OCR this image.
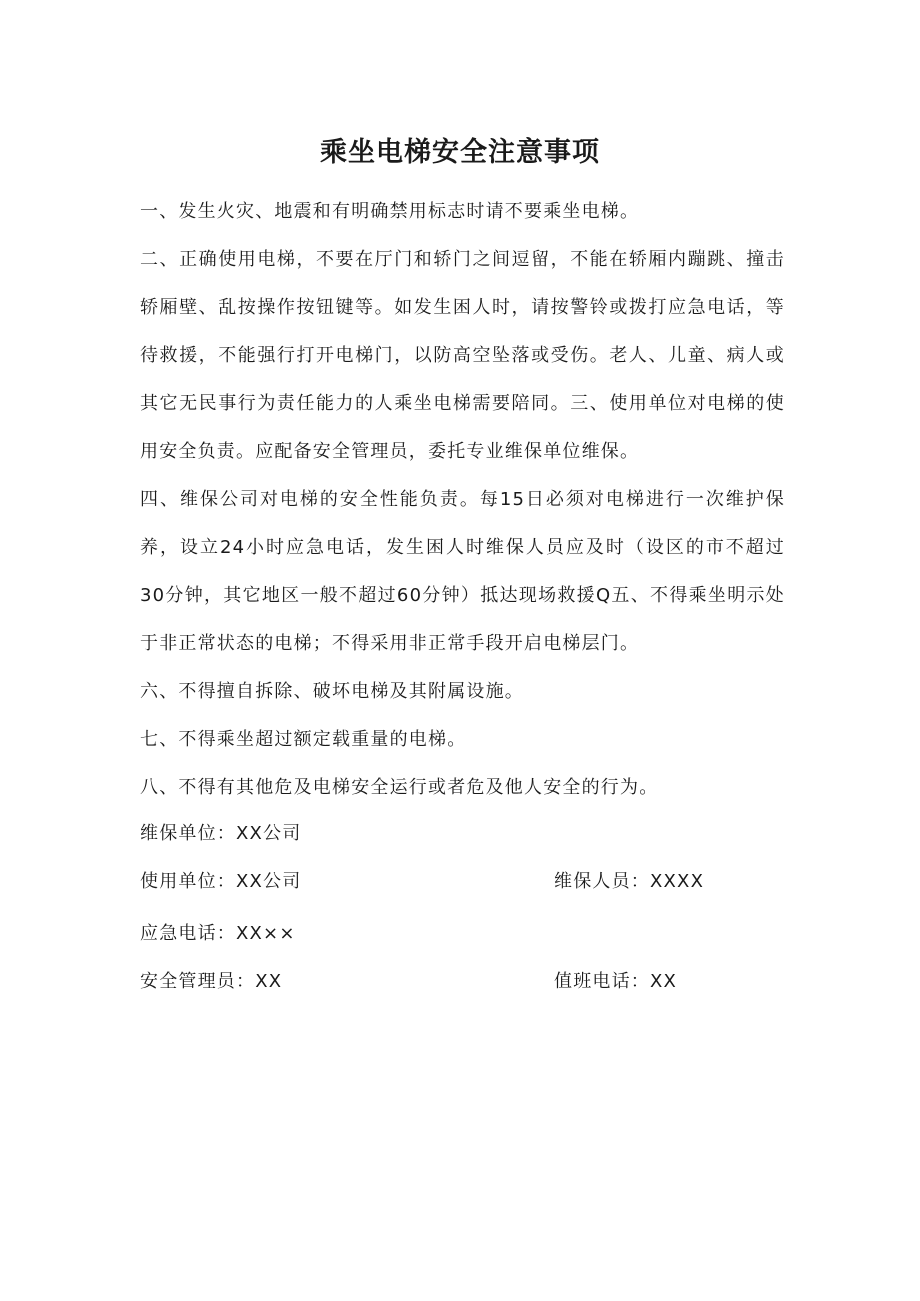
乘坐电梯安全注意事项

一、发生火灾、地震和有明确禁用标志时请不要乘坐电梯。

二、正确使用电梯，不要在厅门和轿门之间逗留，不能在轿厢内蹦跳、撞击轿厢壁、乱按操作按钮键等。如发生困人时，请按警铃或拨打应急电话，等待救援，不能强行打开电梯门，以防高空坠落或受伤。老人、儿童、病人或其它无民事行为责任能力的人乘坐电梯需要陪同。三、使用单位对电梯的使用安全负责。应配备安全管理员，委托专业维保单位维保。

四、维保公司对电梯的安全性能负责。每15日必须对电梯进行一次维护保养，设立24小时应急电话，发生困人时维保人员应及时（设区的市不超过30分钟，其它地区一般不超过60分钟）抵达现场救援Q五、不得乘坐明示处于非正常状态的电梯；不得采用非正常手段开启电梯层门。

六、不得擅自拆除、破坏电梯及其附属设施。

七、不得乘坐超过额定载重量的电梯。

八、不得有其他危及电梯安全运行或者危及他人安全的行为。

维保单位：XX公司
使用单位：XX公司	维保人员：XXXX
应急电话：XX××
安全管理员：XX	值班电话：XX
